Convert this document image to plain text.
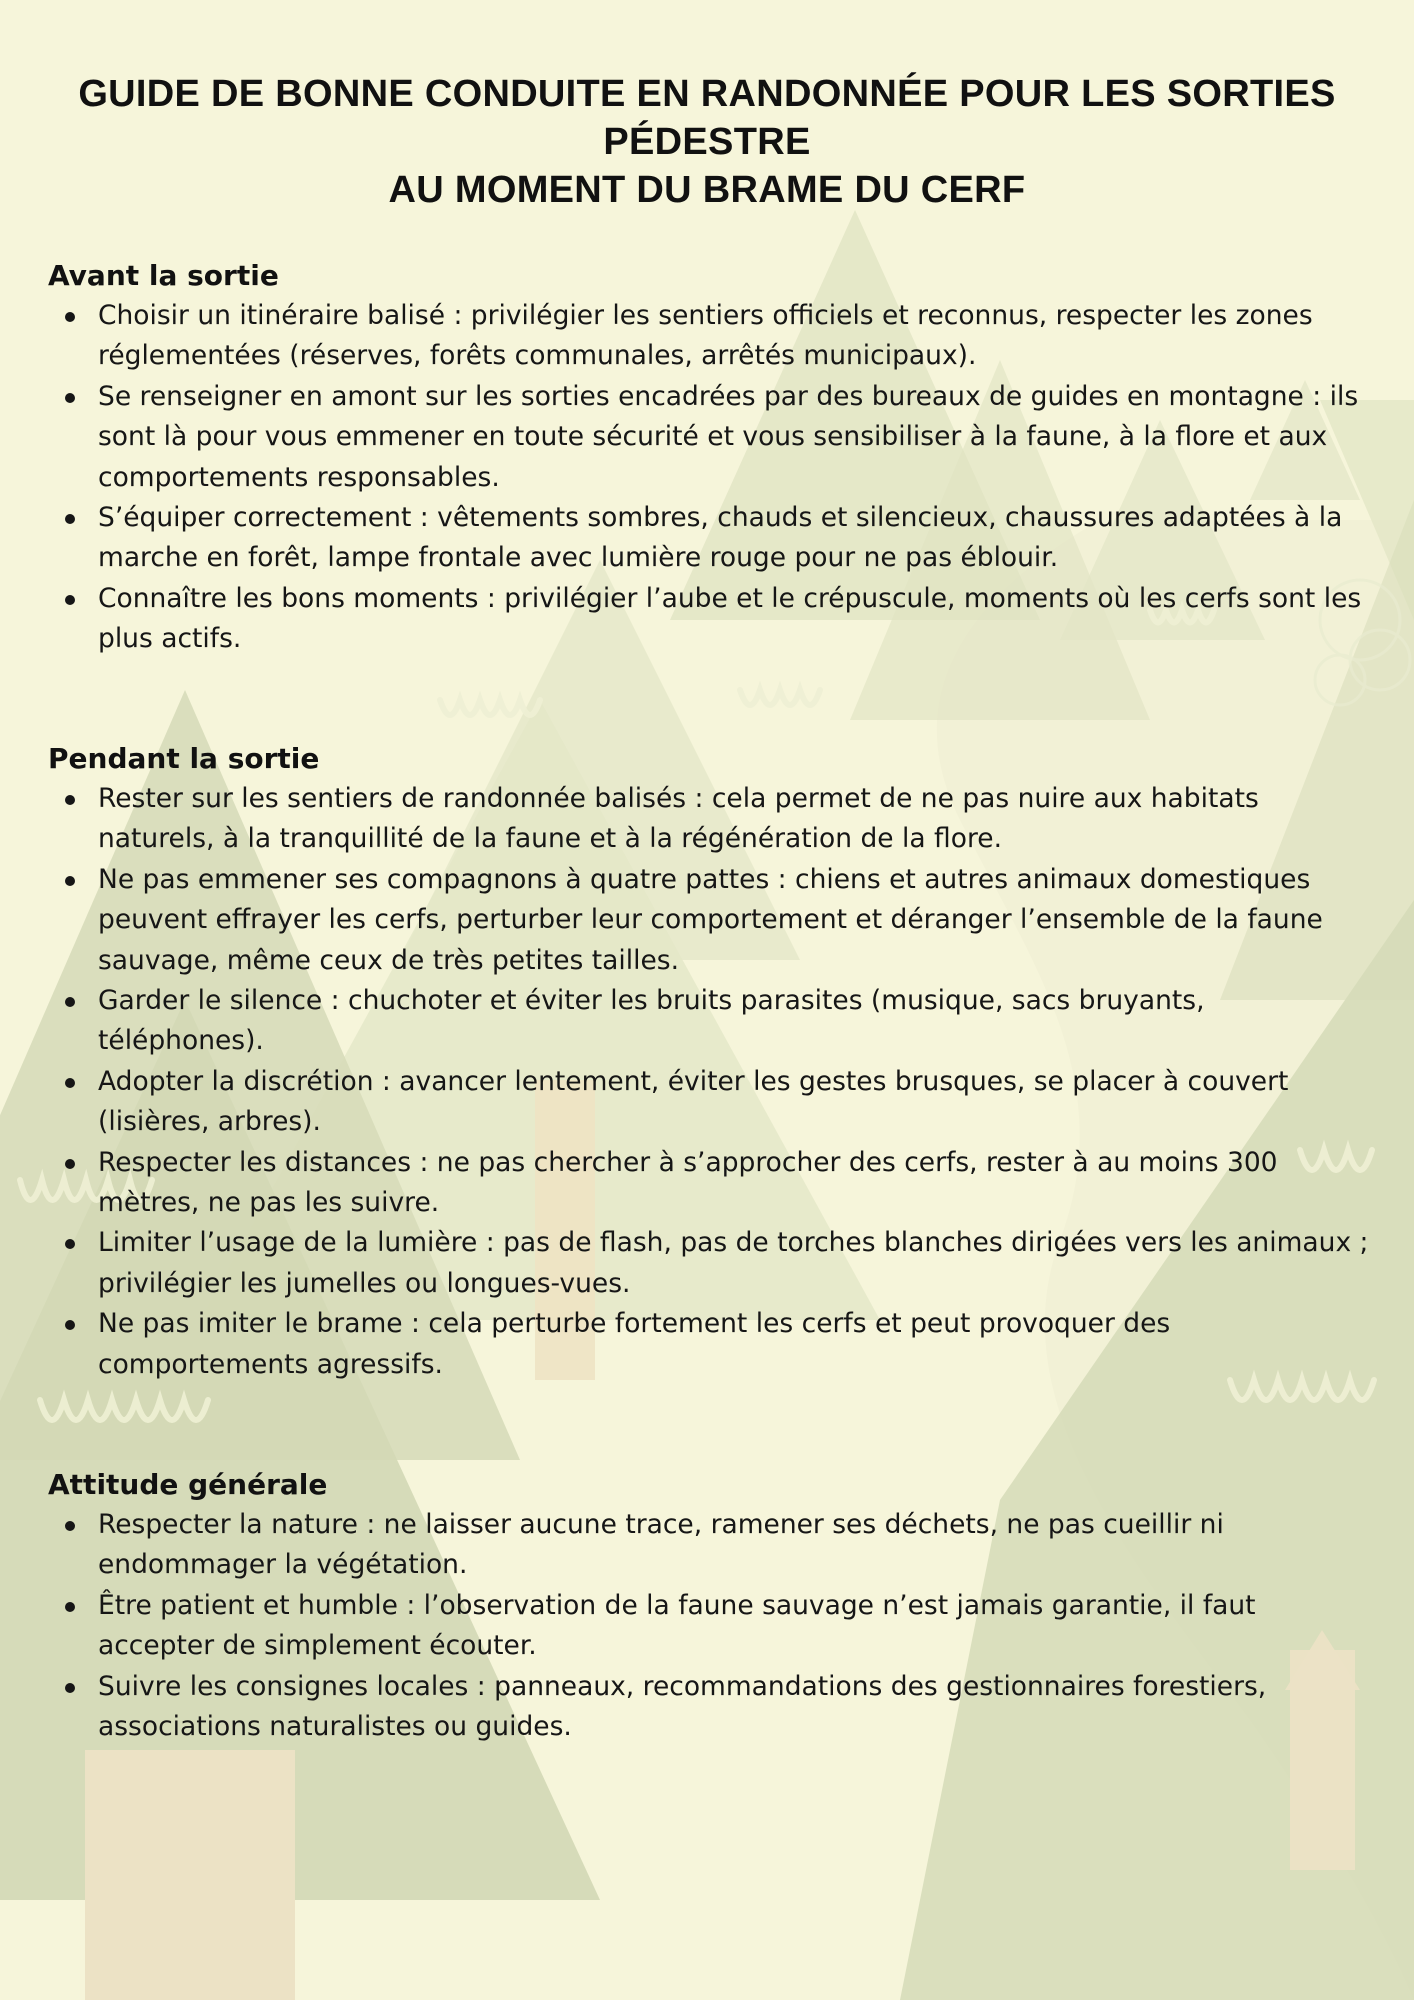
GUIDE DE BONNE CONDUITE EN RANDONNÉE POUR LES SORTIES PÉDESTRE
AU MOMENT DU BRAME DU CERF
Avant la sortie
Choisir un itinéraire balisé : privilégier les sentiers officiels et reconnus, respecter les zones réglementées (réserves, forêts communales, arrêtés municipaux).
Se renseigner en amont sur les sorties encadrées par des bureaux de guides en montagne : ils sont là pour vous emmener en toute sécurité et vous sensibiliser à la faune, à la flore et aux comportements responsables.
S’équiper correctement : vêtements sombres, chauds et silencieux, chaussures adaptées à la marche en forêt, lampe frontale avec lumière rouge pour ne pas éblouir.
Connaître les bons moments : privilégier l’aube et le crépuscule, moments où les cerfs sont les plus actifs.
Pendant la sortie
Rester sur les sentiers de randonnée balisés : cela permet de ne pas nuire aux habitats naturels, à la tranquillité de la faune et à la régénération de la flore.
Ne pas emmener ses compagnons à quatre pattes : chiens et autres animaux domestiques peuvent effrayer les cerfs, perturber leur comportement et déranger l’ensemble de la faune sauvage, même ceux de très petites tailles.
Garder le silence : chuchoter et éviter les bruits parasites (musique, sacs bruyants, téléphones).
Adopter la discrétion : avancer lentement, éviter les gestes brusques, se placer à couvert (lisières, arbres).
Respecter les distances : ne pas chercher à s’approcher des cerfs, rester à au moins 300 mètres, ne pas les suivre.
Limiter l’usage de la lumière : pas de flash, pas de torches blanches dirigées vers les animaux ; privilégier les jumelles ou longues-vues.
Ne pas imiter le brame : cela perturbe fortement les cerfs et peut provoquer des comportements agressifs.
Attitude générale
Respecter la nature : ne laisser aucune trace, ramener ses déchets, ne pas cueillir ni endommager la végétation.
Être patient et humble : l’observation de la faune sauvage n’est jamais garantie, il faut accepter de simplement écouter.
Suivre les consignes locales : panneaux, recommandations des gestionnaires forestiers, associations naturalistes ou guides.
